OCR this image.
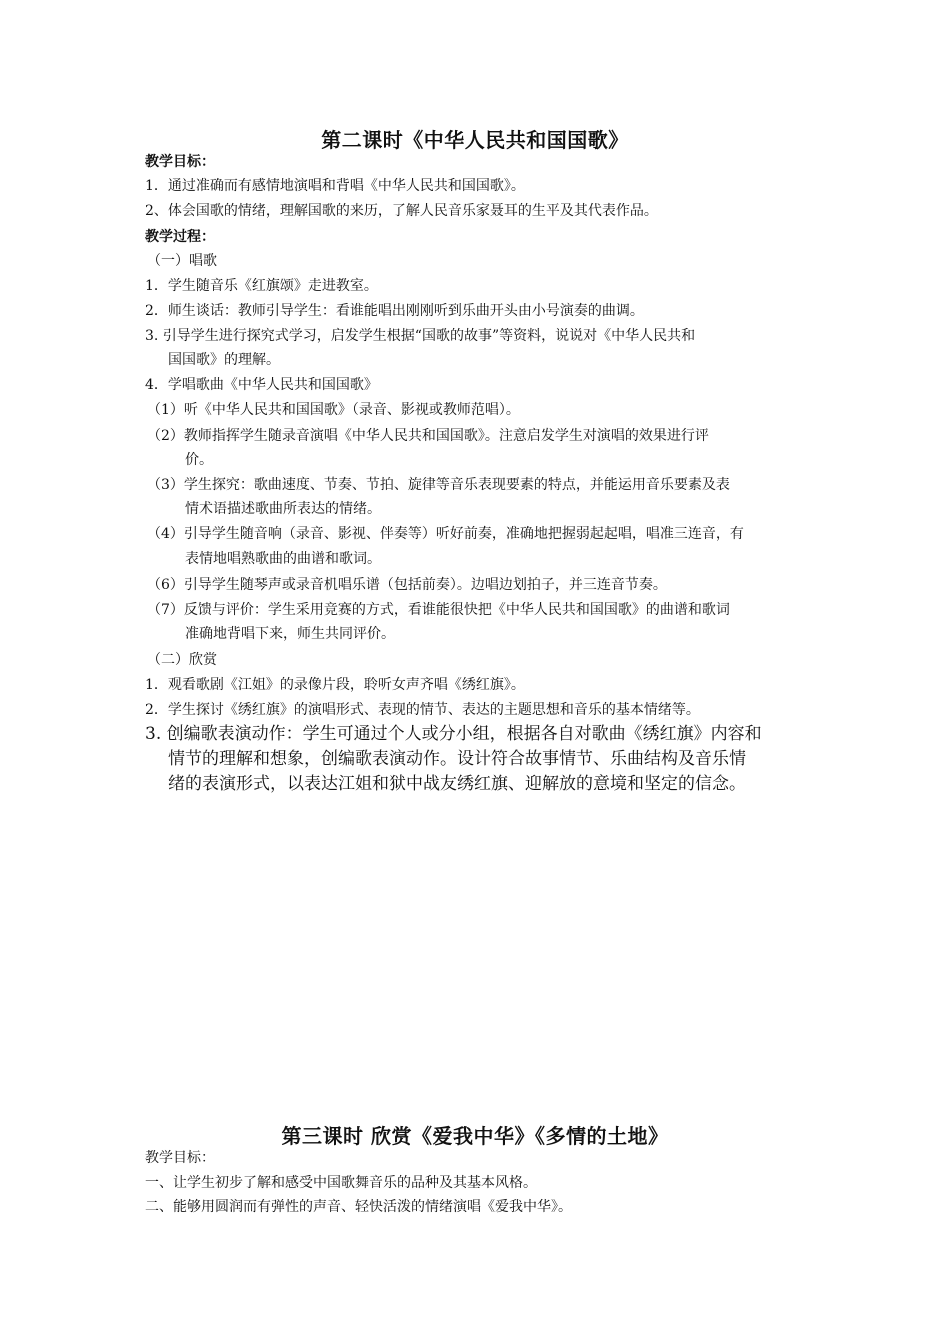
第二课时《中华人民共和国国歌》
教学目标：
1．通过准确而有感情地演唱和背唱《中华人民共和国国歌》。
2、体会国歌的情绪，理解国歌的来历，了解人民音乐家聂耳的生平及其代表作品。
教学过程：
（一）唱歌
1．学生随音乐《红旗颂》走进教室。
2．师生谈话：教师引导学生：看谁能唱出刚刚听到乐曲开头由小号演奏的曲调。
3. 引导学生进行探究式学习，启发学生根据“国歌的故事”等资料，说说对《中华人民共和
国国歌》的理解。
4．学唱歌曲《中华人民共和国国歌》
（1）听《中华人民共和国国歌》（录音、影视或教师范唱）。
（2）教师指挥学生随录音演唱《中华人民共和国国歌》。注意启发学生对演唱的效果进行评
价。
（3）学生探究：歌曲速度、节奏、节拍、旋律等音乐表现要素的特点，并能运用音乐要素及表
情术语描述歌曲所表达的情绪。
（4）引导学生随音响（录音、影视、伴奏等）听好前奏，准确地把握弱起起唱，唱准三连音，有
表情地唱熟歌曲的曲谱和歌词。
（6）引导学生随琴声或录音机唱乐谱（包括前奏）。边唱边划拍子，并三连音节奏。
（7）反馈与评价：学生采用竞赛的方式，看谁能很快把《中华人民共和国国歌》的曲谱和歌词
准确地背唱下来，师生共同评价。
（二）欣赏
1．观看歌剧《江姐》的录像片段，聆听女声齐唱《绣红旗》。
2．学生探讨《绣红旗》的演唱形式、表现的情节、表达的主题思想和音乐的基本情绪等。
3. 创编歌表演动作：学生可通过个人或分小组，根据各自对歌曲《绣红旗》内容和
情节的理解和想象，创编歌表演动作。设计符合故事情节、乐曲结构及音乐情
绪的表演形式，以表达江姐和狱中战友绣红旗、迎解放的意境和坚定的信念。
第三课时 欣赏《爱我中华》《多情的土地》
教学目标：
一、让学生初步了解和感受中国歌舞音乐的品种及其基本风格。
二、能够用圆润而有弹性的声音、轻快活泼的情绪演唱《爱我中华》。
